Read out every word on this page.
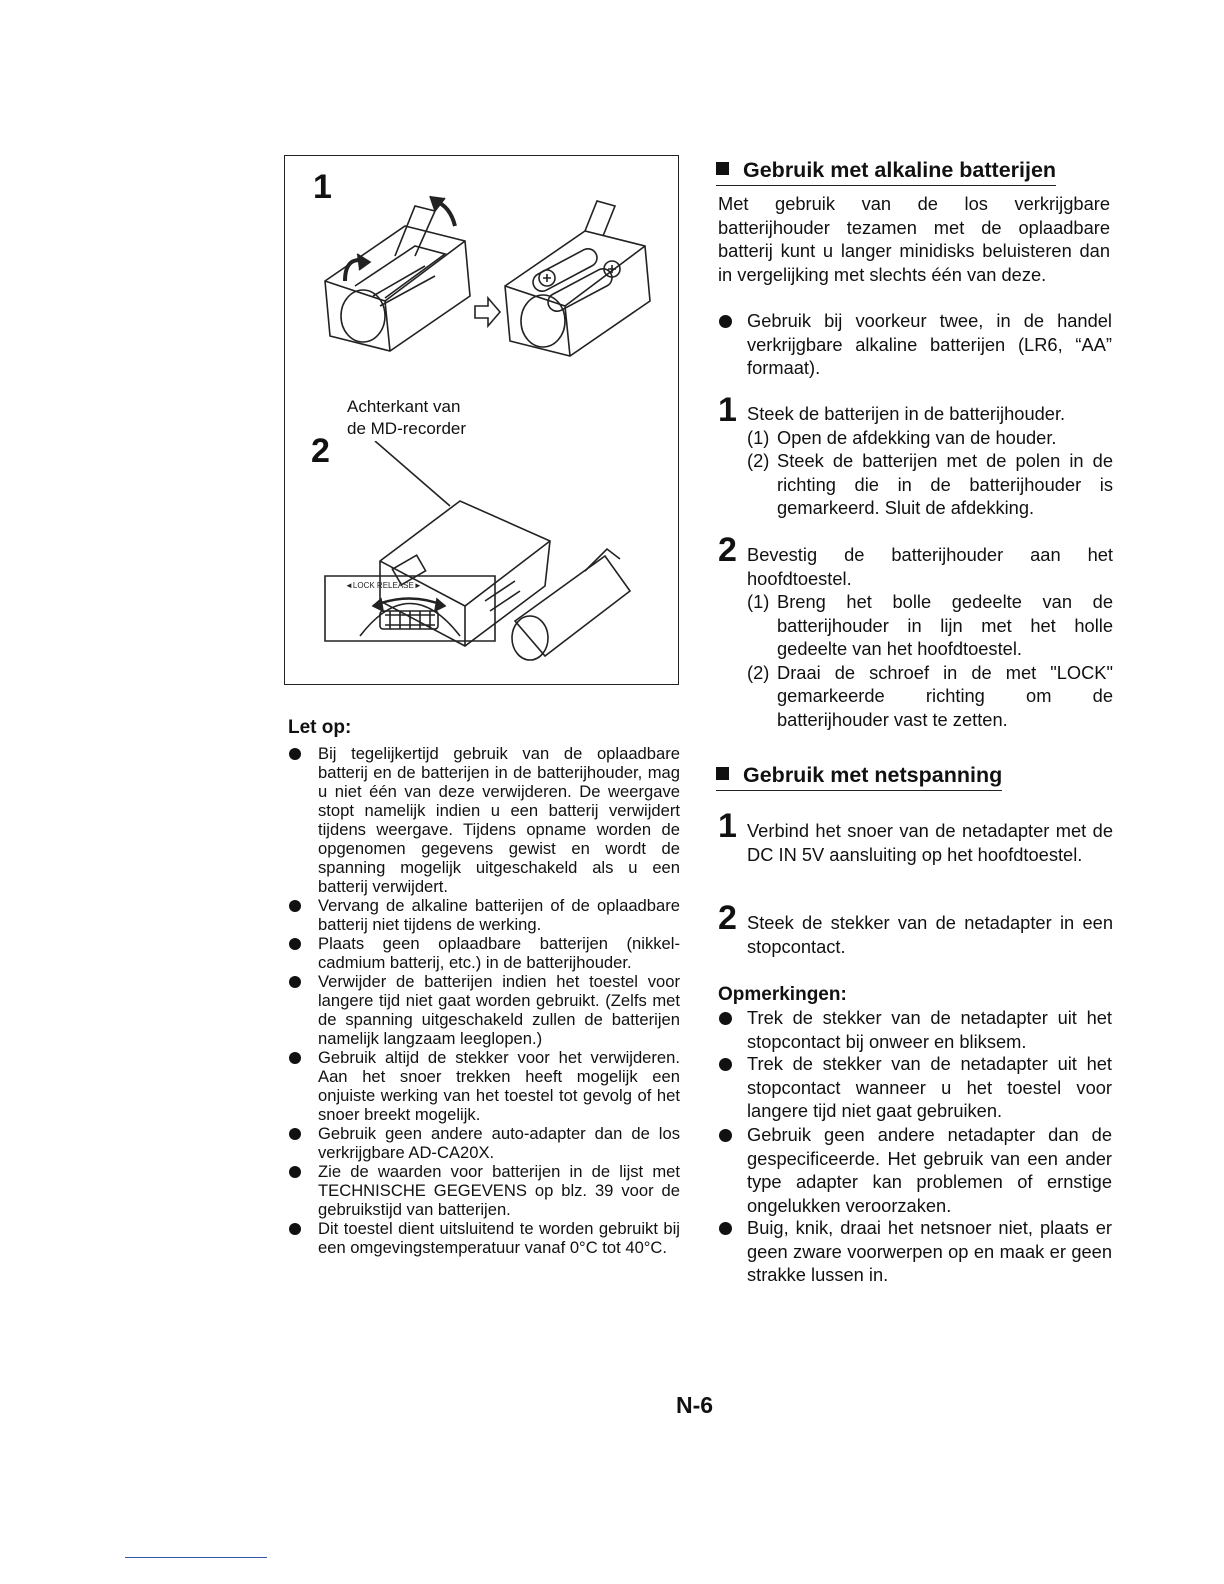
1
Achterkant van
de MD-recorder
2
◄LOCK RELEASE►
Let op:
Bij tegelijkertijd gebruik van de oplaadbare batterij en de batterijen in de batterijhouder, mag u niet één van deze verwijderen. De weergave stopt namelijk indien u een batterij verwijdert tijdens weergave. Tijdens opname worden de opgenomen gegevens gewist en wordt de spanning mogelijk uitgeschakeld als u een batterij verwijdert.
Vervang de alkaline batterijen of de oplaadbare batterij niet tijdens de werking.
Plaats geen oplaadbare batterijen (nikkel-cadmium batterij, etc.) in de batterijhouder.
Verwijder de batterijen indien het toestel voor langere tijd niet gaat worden gebruikt. (Zelfs met de spanning uitgeschakeld zullen de batterijen namelijk langzaam leeglopen.)
Gebruik altijd de stekker voor het verwijderen. Aan het snoer trekken heeft mogelijk een onjuiste werking van het toestel tot gevolg of het snoer breekt mogelijk.
Gebruik geen andere auto-adapter dan de los verkrijgbare AD-CA20X.
Zie de waarden voor batterijen in de lijst met TECHNISCHE GEGEVENS op blz. 39 voor de gebruikstijd van batterijen.
Dit toestel dient uitsluitend te worden gebruikt bij een omgevingstemperatuur vanaf 0°C tot 40°C.
Gebruik met alkaline batterijen
Met gebruik van de los verkrijgbare batterijhouder tezamen met de oplaadbare batterij kunt u langer minidisks beluisteren dan in vergelijking met slechts één van deze.
Gebruik bij voorkeur twee, in de handel verkrijgbare alkaline batterijen (LR6, “AA” formaat).
1 Steek de batterijen in de batterijhouder.
(1) Open de afdekking van de houder.
(2) Steek de batterijen met de polen in de richting die in de batterijhouder is gemarkeerd. Sluit de afdekking.
2 Bevestig de batterijhouder aan het hoofdtoestel.
(1) Breng het bolle gedeelte van de batterijhouder in lijn met het holle gedeelte van het hoofdtoestel.
(2) Draai de schroef in de met "LOCK" gemarkeerde richting om de batterijhouder vast te zetten.
Gebruik met netspanning
1 Verbind het snoer van de netadapter met de DC IN 5V aansluiting op het hoofdtoestel.
2 Steek de stekker van de netadapter in een stopcontact.
Opmerkingen:
Trek de stekker van de netadapter uit het stopcontact bij onweer en bliksem.
Trek de stekker van de netadapter uit het stopcontact wanneer u het toestel voor langere tijd niet gaat gebruiken.
Gebruik geen andere netadapter dan de gespecificeerde. Het gebruik van een ander type adapter kan problemen of ernstige ongelukken veroorzaken.
Buig, knik, draai het netsnoer niet, plaats er geen zware voorwerpen op en maak er geen strakke lussen in.
N-6
